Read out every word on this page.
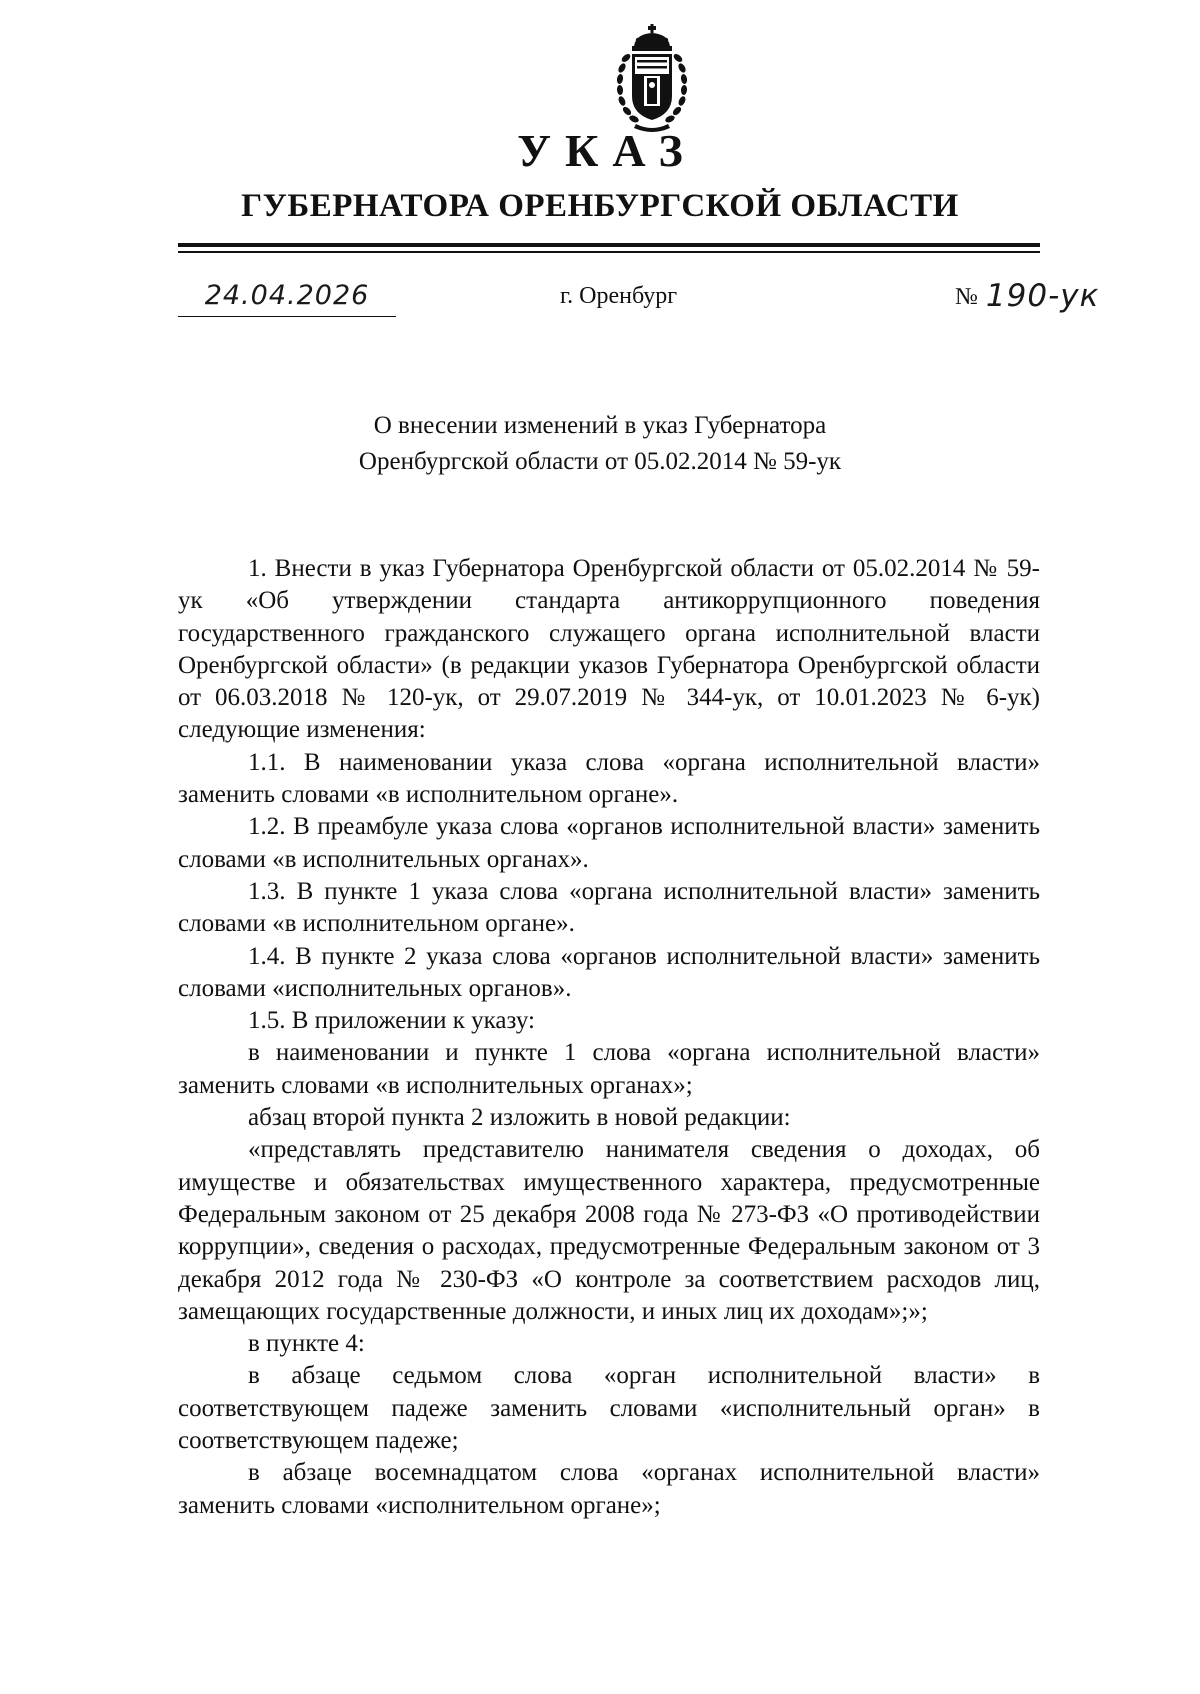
УКАЗ
ГУБЕРНАТОРА ОРЕНБУРГСКОЙ ОБЛАСТИ
24.04.2026	г. Оренбург	№ 190-ук
О внесении изменений в указ Губернатора
Оренбургской области от 05.02.2014 № 59-ук

1. Внести в указ Губернатора Оренбургской области от 05.02.2014 № 59-ук «Об утверждении стандарта антикоррупционного поведения государственного гражданского служащего органа исполнительной власти Оренбургской области» (в редакции указов Губернатора Оренбургской области от 06.03.2018 № 120-ук, от 29.07.2019 № 344-ук, от 10.01.2023 № 6-ук) следующие изменения:

1.1. В наименовании указа слова «органа исполнительной власти» заменить словами «в исполнительном органе».

1.2. В преамбуле указа слова «органов исполнительной власти» заменить словами «в исполнительных органах».

1.3. В пункте 1 указа слова «органа исполнительной власти» заменить словами «в исполнительном органе».

1.4. В пункте 2 указа слова «органов исполнительной власти» заменить словами «исполнительных органов».

1.5. В приложении к указу:

в наименовании и пункте 1 слова «органа исполнительной власти» заменить словами «в исполнительных органах»;

абзац второй пункта 2 изложить в новой редакции:

«представлять представителю нанимателя сведения о доходах, об имуществе и обязательствах имущественного характера, предусмотренные Федеральным законом от 25 декабря 2008 года № 273-ФЗ «О противодействии коррупции», сведения о расходах, предусмотренные Федеральным законом от 3 декабря 2012 года № 230-ФЗ «О контроле за соответствием расходов лиц, замещающих государственные должности, и иных лиц их доходам»;»;

в пункте 4:

в абзаце седьмом слова «орган исполнительной власти» в соответствующем падеже заменить словами «исполнительный орган» в соответствующем падеже;

в абзаце восемнадцатом слова «органах исполнительной власти» заменить словами «исполнительном органе»;
